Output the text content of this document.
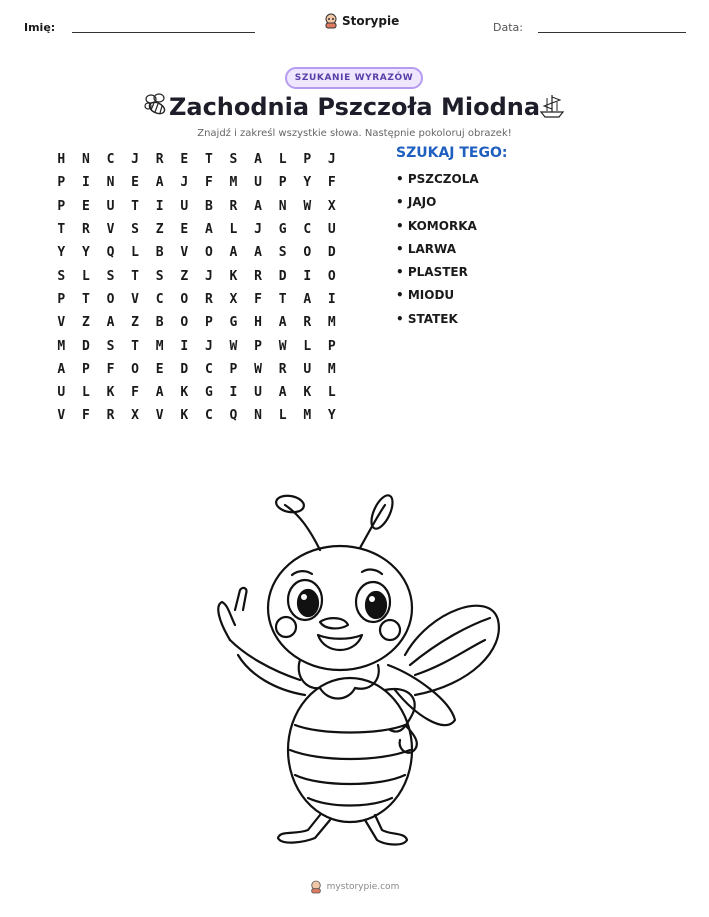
Imię:	Storypie	Data:
SZUKANIE WYRAZÓW
Zachodnia Pszczoła Miodna
Znajdź i zakreśl wszystkie słowa. Następnie pokoloruj obrazek!
H	N	C	J	R	E	T	S	A	L	P	J
P	I	N	E	A	J	F	M	U	P	Y	F
P	E	U	T	I	U	B	R	A	N	W	X
T	R	V	S	Z	E	A	L	J	G	C	U
Y	Y	Q	L	B	V	O	A	A	S	O	D
S	L	S	T	S	Z	J	K	R	D	I	O
P	T	O	V	C	O	R	X	F	T	A	I
V	Z	A	Z	B	O	P	G	H	A	R	M
M	D	S	T	M	I	J	W	P	W	L	P
A	P	F	O	E	D	C	P	W	R	U	M
U	L	K	F	A	K	G	I	U	A	K	L
V	F	R	X	V	K	C	Q	N	L	M	Y
SZUKAJ TEGO:
• PSZCZOLA
• JAJO
• KOMORKA
• LARWA
• PLASTER
• MIODU
• STATEK
mystorypie.com
